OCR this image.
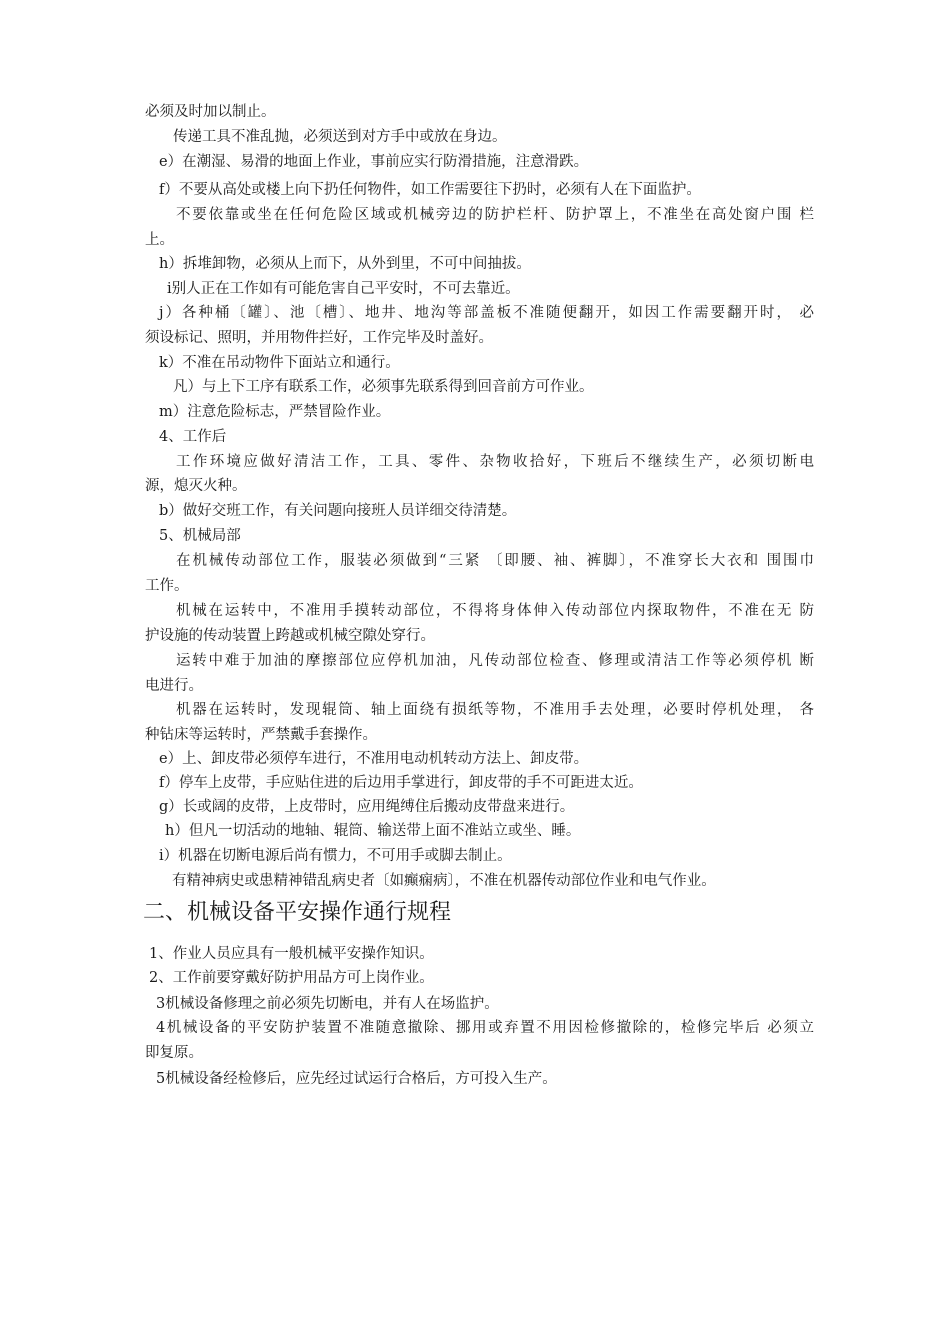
必须及时加以制止。

传递工具不准乱抛，必须送到对方手中或放在身边。

e）在潮湿、易滑的地面上作业，事前应实行防滑措施，注意滑跌。

f）不要从高处或楼上向下扔任何物件，如工作需要往下扔时，必须有人在下面监护。

不要依靠或坐在任何危险区域或机械旁边的防护栏杆、防护罩上，不准坐在高处窗户围 栏

上。

h）拆堆卸物，必须从上而下，从外到里，不可中间抽拔。

i别人正在工作如有可能危害自己平安时，不可去靠近。

j）各种桶〔罐〕、池〔槽〕、地井、地沟等部盖板不准随便翻开，如因工作需要翻开时， 必

须设标记、照明，并用物件拦好，工作完毕及时盖好。

k）不准在吊动物件下面站立和通行。

凡）与上下工序有联系工作，必须事先联系得到回音前方可作业。

m）注意危险标志，严禁冒险作业。

4、工作后

工作环境应做好清洁工作，工具、零件、杂物收拾好，下班后不继续生产，必须切断电

源，熄灭火种。

b）做好交班工作，有关问题向接班人员详细交待清楚。

5、机械局部

在机械传动部位工作，服装必须做到“三紧 〔即腰、袖、裤脚〕，不准穿长大衣和 围围巾

工作。

机械在运转中，不准用手摸转动部位，不得将身体伸入传动部位内探取物件，不准在无 防

护设施的传动装置上跨越或机械空隙处穿行。

运转中难于加油的摩擦部位应停机加油，凡传动部位检查、修理或清洁工作等必须停机 断

电进行。

机器在运转时，发现辊筒、轴上面绕有损纸等物，不准用手去处理，必要时停机处理， 各

种钻床等运转时，严禁戴手套操作。

e）上、卸皮带必须停车进行，不准用电动机转动方法上、卸皮带。

f）停车上皮带，手应贴住进的后边用手掌进行，卸皮带的手不可距进太近。

g）长或阔的皮带，上皮带时，应用绳缚住后搬动皮带盘来进行。

h）但凡一切活动的地轴、辊筒、输送带上面不准站立或坐、睡。

i）机器在切断电源后尚有惯力，不可用手或脚去制止。

有精神病史或患精神错乱病史者〔如癫痫病〕，不准在机器传动部位作业和电气作业。

二、机械设备平安操作通行规程

1、作业人员应具有一般机械平安操作知识。

2、工作前要穿戴好防护用品方可上岗作业。

3机械设备修理之前必须先切断电，并有人在场监护。

4机械设备的平安防护装置不准随意撤除、挪用或弃置不用因检修撤除的，检修完毕后 必须立

即复原。

5机械设备经检修后，应先经过试运行合格后，方可投入生产。
